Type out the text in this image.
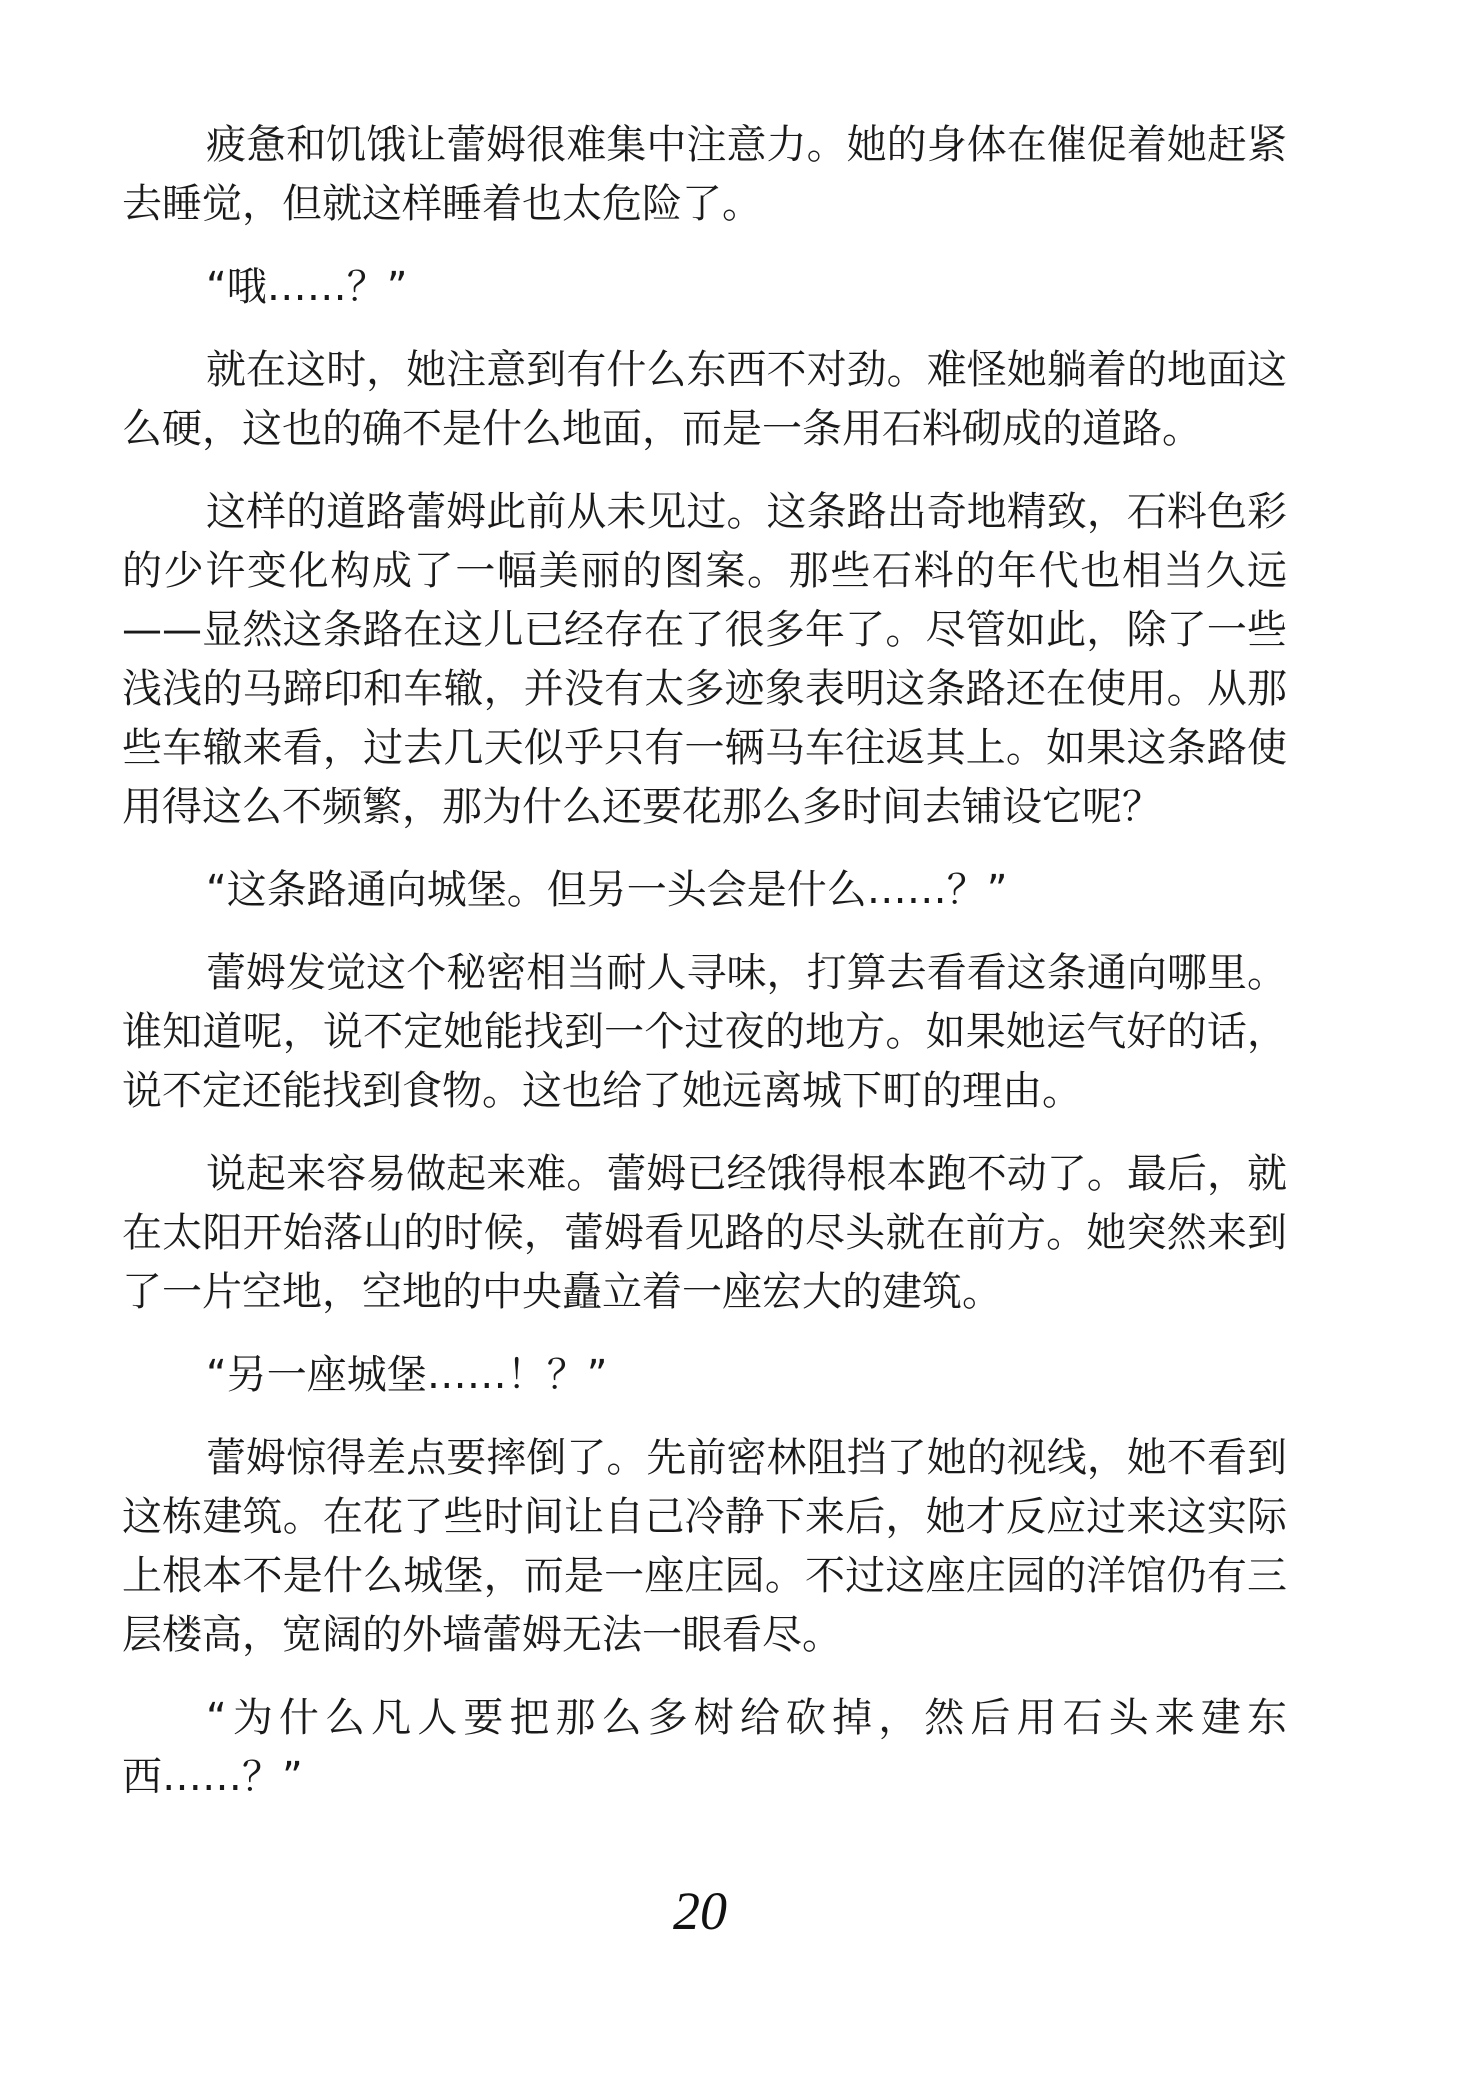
疲惫和饥饿让蕾姆很难集中注意力。她的身体在催促着她赶紧去睡觉，但就这样睡着也太危险了。

“哦……？”

就在这时，她注意到有什么东西不对劲。难怪她躺着的地面这么硬，这也的确不是什么地面，而是一条用石料砌成的道路。

这样的道路蕾姆此前从未见过。这条路出奇地精致，石料色彩的少许变化构成了一幅美丽的图案。那些石料的年代也相当久远——显然这条路在这儿已经存在了很多年了。尽管如此，除了一些浅浅的马蹄印和车辙，并没有太多迹象表明这条路还在使用。从那些车辙来看，过去几天似乎只有一辆马车往返其上。如果这条路使用得这么不频繁，那为什么还要花那么多时间去铺设它呢？

“这条路通向城堡。但另一头会是什么……？”

蕾姆发觉这个秘密相当耐人寻味，打算去看看这条通向哪里。谁知道呢，说不定她能找到一个过夜的地方。如果她运气好的话，说不定还能找到食物。这也给了她远离城下町的理由。

说起来容易做起来难。蕾姆已经饿得根本跑不动了。最后，就在太阳开始落山的时候，蕾姆看见路的尽头就在前方。她突然来到了一片空地，空地的中央矗立着一座宏大的建筑。

“另一座城堡……！？”

蕾姆惊得差点要摔倒了。先前密林阻挡了她的视线，她不看到这栋建筑。在花了些时间让自己冷静下来后，她才反应过来这实际上根本不是什么城堡，而是一座庄园。不过这座庄园的洋馆仍有三层楼高，宽阔的外墙蕾姆无法一眼看尽。

“为什么凡人要把那么多树给砍掉，然后用石头来建东西……？”

20
